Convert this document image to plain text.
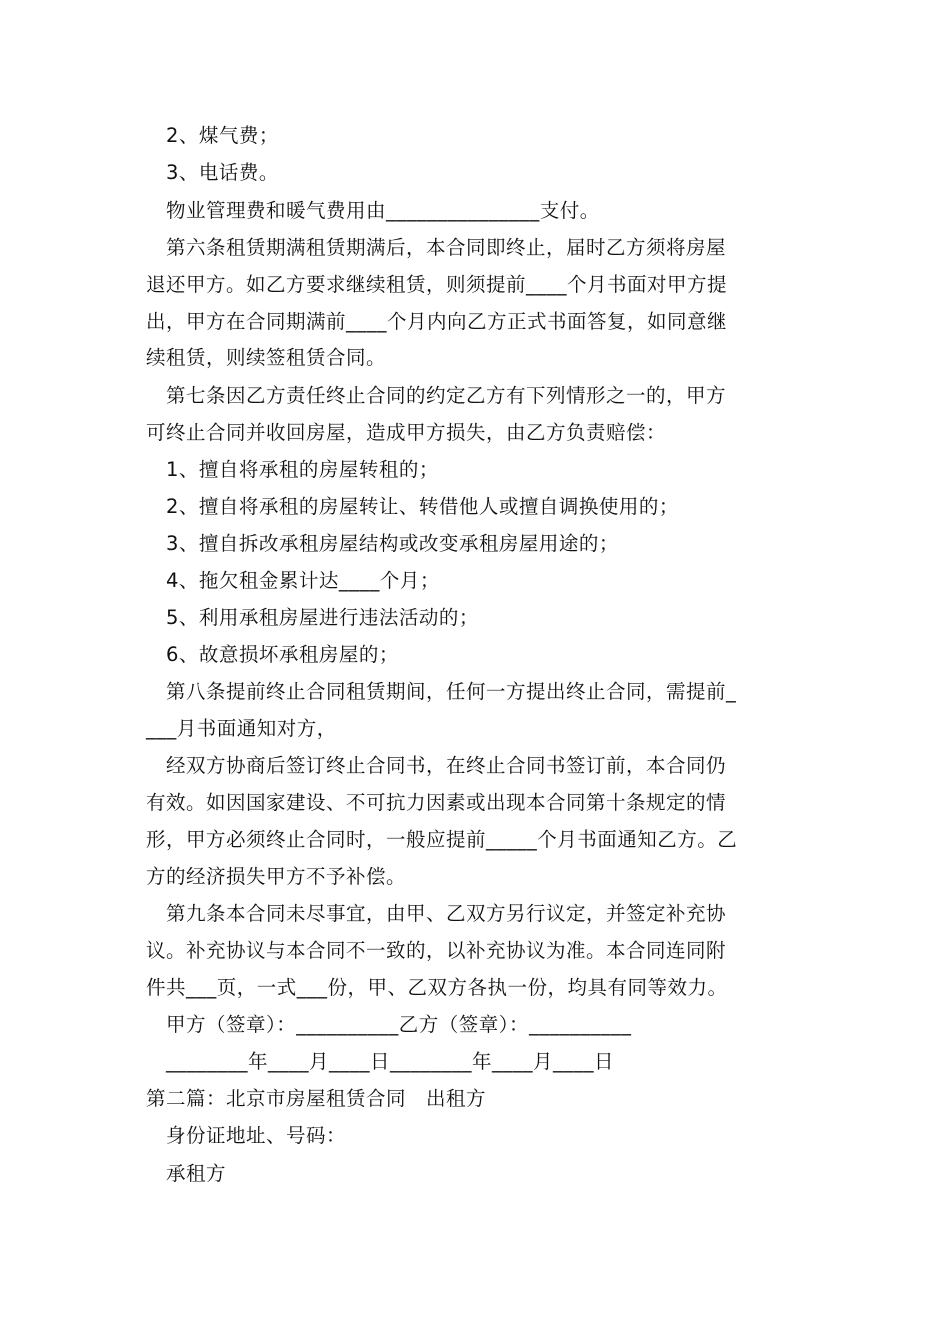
　2、煤气费；
　3、电话费。
　物业管理费和暖气费用由_______________支付。
　第六条租赁期满租赁期满后，本合同即终止，届时乙方须将房屋
退还甲方。如乙方要求继续租赁，则须提前____个月书面对甲方提
出，甲方在合同期满前____个月内向乙方正式书面答复，如同意继
续租赁，则续签租赁合同。
　第七条因乙方责任终止合同的约定乙方有下列情形之一的，甲方
可终止合同并收回房屋，造成甲方损失，由乙方负责赔偿：
　1、擅自将承租的房屋转租的；
　2、擅自将承租的房屋转让、转借他人或擅自调换使用的；
　3、擅自拆改承租房屋结构或改变承租房屋用途的；
　4、拖欠租金累计达____个月；
　5、利用承租房屋进行违法活动的；
　6、故意损坏承租房屋的；
　第八条提前终止合同租赁期间，任何一方提出终止合同，需提前_
___月书面通知对方，
　经双方协商后签订终止合同书，在终止合同书签订前，本合同仍
有效。如因国家建设、不可抗力因素或出现本合同第十条规定的情
形，甲方必须终止合同时，一般应提前_____个月书面通知乙方。乙
方的经济损失甲方不予补偿。
　第九条本合同未尽事宜，由甲、乙双方另行议定，并签定补充协
议。补充协议与本合同不一致的，以补充协议为准。本合同连同附
件共___页，一式___份，甲、乙双方各执一份，均具有同等效力。
　甲方（签章）：__________乙方（签章）：__________
　________年____月____日________年____月____日
第二篇：北京市房屋租赁合同　出租方
　身份证地址、号码：
　承租方
